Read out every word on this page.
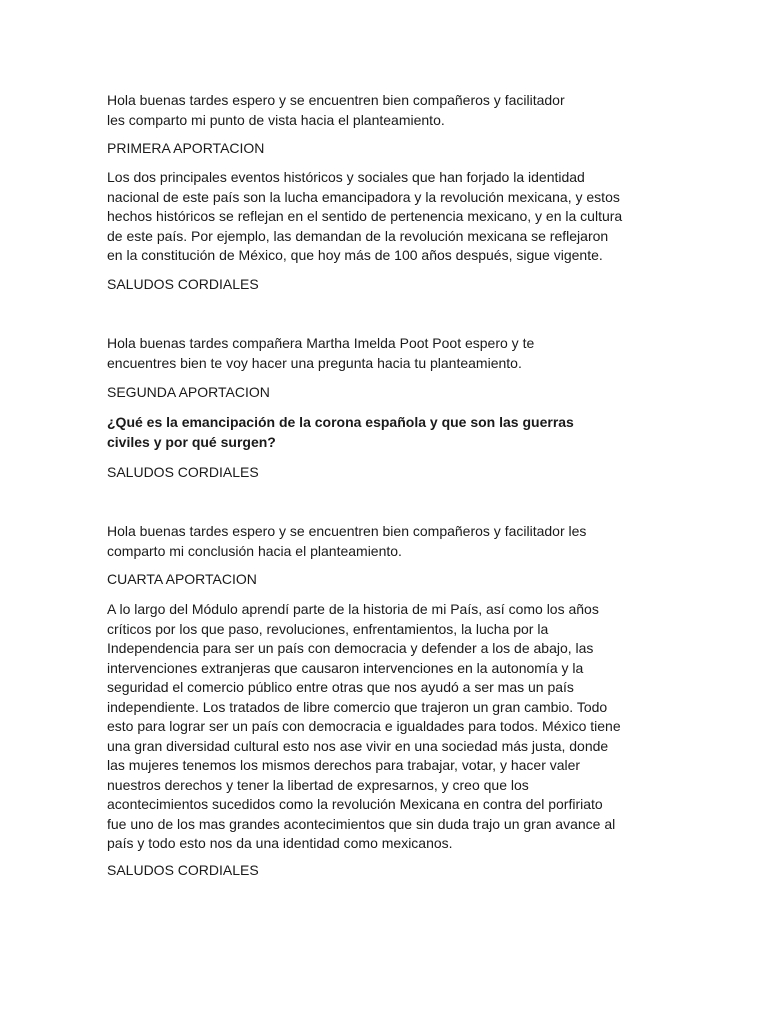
Hola buenas tardes espero y se encuentren bien compañeros y facilitador
les comparto mi punto de vista hacia el planteamiento.

PRIMERA APORTACION

Los dos principales eventos históricos y sociales que han forjado la identidad
nacional de este país son la lucha emancipadora y la revolución mexicana, y estos
hechos históricos se reflejan en el sentido de pertenencia mexicano, y en la cultura
de este país. Por ejemplo, las demandan de la revolución mexicana se reflejaron
en la constitución de México, que hoy más de 100 años después, sigue vigente.

SALUDOS CORDIALES

Hola buenas tardes compañera Martha Imelda Poot Poot espero y te
encuentres bien te voy hacer una pregunta hacia tu planteamiento.

SEGUNDA APORTACION

¿Qué es la emancipación de la corona española y que son las guerras
civiles y por qué surgen?

SALUDOS CORDIALES

Hola buenas tardes espero y se encuentren bien compañeros y facilitador les
comparto mi conclusión hacia el planteamiento.

CUARTA APORTACION

A lo largo del Módulo aprendí parte de la historia de mi País, así como los años
críticos por los que paso, revoluciones, enfrentamientos, la lucha por la
Independencia para ser un país con democracia y defender a los de abajo, las
intervenciones extranjeras que causaron intervenciones en la autonomía y la
seguridad el comercio público entre otras que nos ayudó a ser mas un país
independiente. Los tratados de libre comercio que trajeron un gran cambio. Todo
esto para lograr ser un país con democracia e igualdades para todos. México tiene
una gran diversidad cultural esto nos ase vivir en una sociedad más justa, donde
las mujeres tenemos los mismos derechos para trabajar, votar, y hacer valer
nuestros derechos y tener la libertad de expresarnos, y creo que los
acontecimientos sucedidos como la revolución Mexicana en contra del porfiriato
fue uno de los mas grandes acontecimientos que sin duda trajo un gran avance al
país y todo esto nos da una identidad como mexicanos.

SALUDOS CORDIALES
